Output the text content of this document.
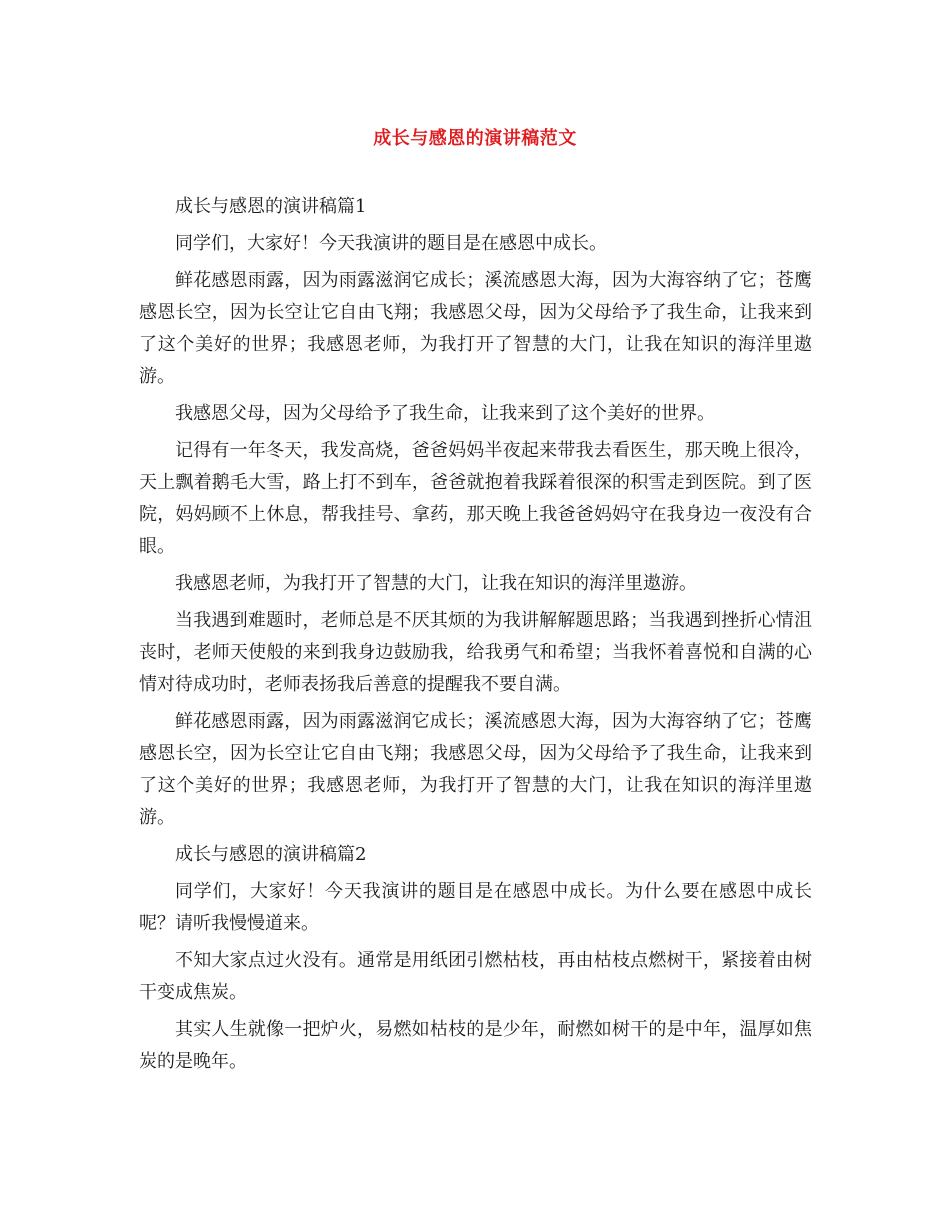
成长与感恩的演讲稿范文

成长与感恩的演讲稿篇1

同学们，大家好！今天我演讲的题目是在感恩中成长。

鲜花感恩雨露，因为雨露滋润它成长；溪流感恩大海，因为大海容纳了它；苍鹰感恩长空，因为长空让它自由飞翔；我感恩父母，因为父母给予了我生命，让我来到了这个美好的世界；我感恩老师，为我打开了智慧的大门，让我在知识的海洋里遨游。

我感恩父母，因为父母给予了我生命，让我来到了这个美好的世界。

记得有一年冬天，我发高烧，爸爸妈妈半夜起来带我去看医生，那天晚上很冷，天上飘着鹅毛大雪，路上打不到车，爸爸就抱着我踩着很深的积雪走到医院。到了医院，妈妈顾不上休息，帮我挂号、拿药，那天晚上我爸爸妈妈守在我身边一夜没有合眼。

我感恩老师，为我打开了智慧的大门，让我在知识的海洋里遨游。

当我遇到难题时，老师总是不厌其烦的为我讲解解题思路；当我遇到挫折心情沮丧时，老师天使般的来到我身边鼓励我，给我勇气和希望；当我怀着喜悦和自满的心情对待成功时，老师表扬我后善意的提醒我不要自满。

鲜花感恩雨露，因为雨露滋润它成长；溪流感恩大海，因为大海容纳了它；苍鹰感恩长空，因为长空让它自由飞翔；我感恩父母，因为父母给予了我生命，让我来到了这个美好的世界；我感恩老师，为我打开了智慧的大门，让我在知识的海洋里遨游。

成长与感恩的演讲稿篇2

同学们，大家好！今天我演讲的题目是在感恩中成长。为什么要在感恩中成长呢？请听我慢慢道来。

不知大家点过火没有。通常是用纸团引燃枯枝，再由枯枝点燃树干，紧接着由树干变成焦炭。

其实人生就像一把炉火，易燃如枯枝的是少年，耐燃如树干的是中年，温厚如焦炭的是晚年。
